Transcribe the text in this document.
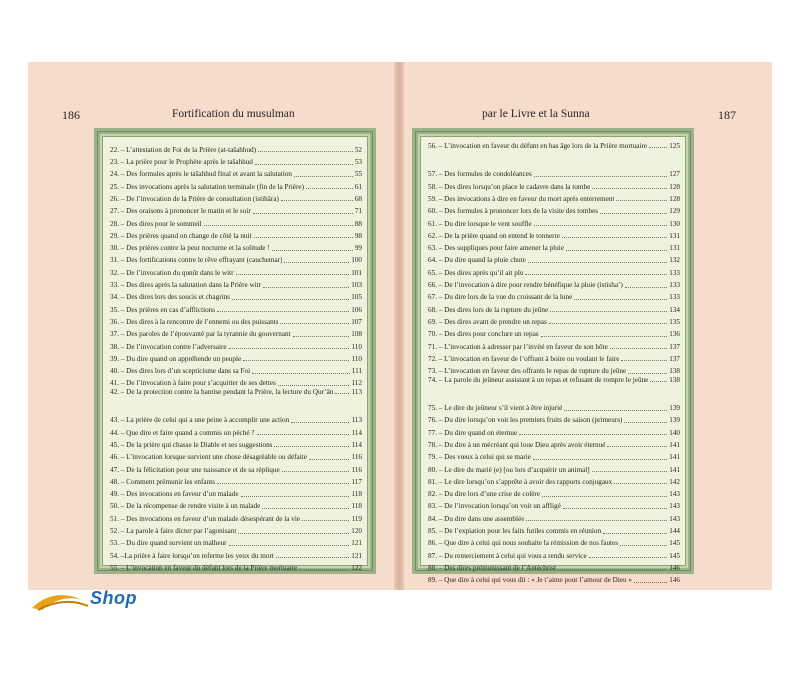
186	Fortification du musulman	par le Livre et la Sunna	187
22. – L’attestation de Foi de la Prière (at-tašahhud)	52
23. – La prière pour le Prophète après le tašahhud	53
24. – Des formules après le tašahhud final et avant la salutation	55
25. – Des invocations après la salutation terminale (fin de la Prière)	61
26. – De l’invocation de la Prière de consultation (istihâra)	68
27. – Des oraisons à prononcer le matin et le soir	71
28. – Des dires pour le sommeil	88
29. – Des prières quand on change de côté la nuit	98
30. – Des prières contre la peur nocturne et la solitude !	99
31. – Des fortifications contre le rêve effrayant (cauchemar)	100
32. – De l’invocation du qunût dans le witr	101
33. – Des dires après la salutation dans la Prière witr	103
34. – Des dires lors des soucis et chagrins	105
35. – Des prières en cas d’afflictions	106
36. – Des dires à la rencontre de l’ennemi ou des puissants	107
37. – Des paroles de l’épouvanté par la tyrannie du gouvernant	108
38. – De l’invocation contre l’adversaire	110
39. – Du dire quand on appréhende un peuple	110
40. – Des dires lors d’un scepticisme dans sa Foi	111
41. – De l’invocation à faire pour s’acquitter de ses dettes	112
42. – De la protection contre la hantise pendant la Prière, la lecture du Qur’ân	113
43. – La prière de celui qui a une peine à accomplir une action	113
44. – Que dire et faire quand a commis un péché ?	114
45. – De la prière qui chasse le Diable et ses suggestions	114
46. – L’invocation lorsque survient une chose désagréable ou défaite	116
47. – De la félicitation pour une naissance et de sa réplique	116
48. – Comment prémunir les enfants	117
49. – Des invocations en faveur d’un malade	118
50. – De la récompense de rendre visite à un malade	118
51. – Des invocations en faveur d’un malade désespérant de la vie	119
52. – La parole à faire dicter par l’agonisant	120
53. – Du dire quand survient un malheur	121
54. –La prière à faire lorsqu’on referme les yeux du mort	121
55. – L’invocation en faveur du défunt lors de la Prière mortuaire	122
56. – L’invocation en faveur du défunt en bas âge lors de la Prière mortuaire	125
57. – Des formules de condoléances	127
58. – Des dires lorsqu’on place le cadavre dans la tombe	128
59. – Des invocations à dire en faveur du mort après enterrement	128
60. – Des formules à prononcer lors de la visite des tombes	129
61. – Du dire lorsque le vent souffle	130
62. – De la prière quand on entend le tonnerre	131
63. – Des suppliques pour faire amener la pluie	131
64. – Du dire quand la pluie chute	132
65. – Des dires après qu’il ait plu	133
66. – De l’invocation à dire pour rendre bénéfique la pluie (istisha’)	133
67. – Du dire lors de la vue du croissant de la lune	133
68. – Des dires lors de la rupture du jeûne	134
69. – Des dires avant de prendre un repas	135
70. – Des dires pour conclure un repas	136
71. – L’invocation à adresser par l’invité en faveur de son hôte	137
72. – L’invocation en faveur de l’offrant à boire ou voulant le faire	137
73. – L’invocation en faveur des offrants le repas de rupture du jeûne	138
74. – La parole du jeûneur assistant à un repas et refusant de rompre le jeûne	138
75. – Le dire du jeûneur s’il vient à être injurié	139
76. – Du dire lorsqu’on voit les premiers fruits de saison (primeurs)	139
77. – Du dire quand on éternue	140
78. – Du dire à un mécréant qui loue Dieu après avoir éternué	141
79. – Des vœux à celui qui se marie	141
80. – Le dire du marié (e) [ou lors d’acquérir un animal]	141
81. – Le dire lorsqu’on s’apprête à avoir des rapports conjugaux	142
82. – Du dire lors d’une crise de colère	143
83. – De l’invocation lorsqu’on voit un affligé	143
84. – Du dire dans une assemblée	143
85. – De l’expiation pour les faits futiles commis en réunion	144
86. – Que dire à celui qui nous souhaite la rémission de nos fautes	145
87. – Du remerciement à celui qui vous a rendu service	145
88. – Des dires prémunissant de l’Antéchrist	146
89. – Que dire à celui qui vous dit : « Je t’aime pour l’amour de Dieu »	146
Shop
